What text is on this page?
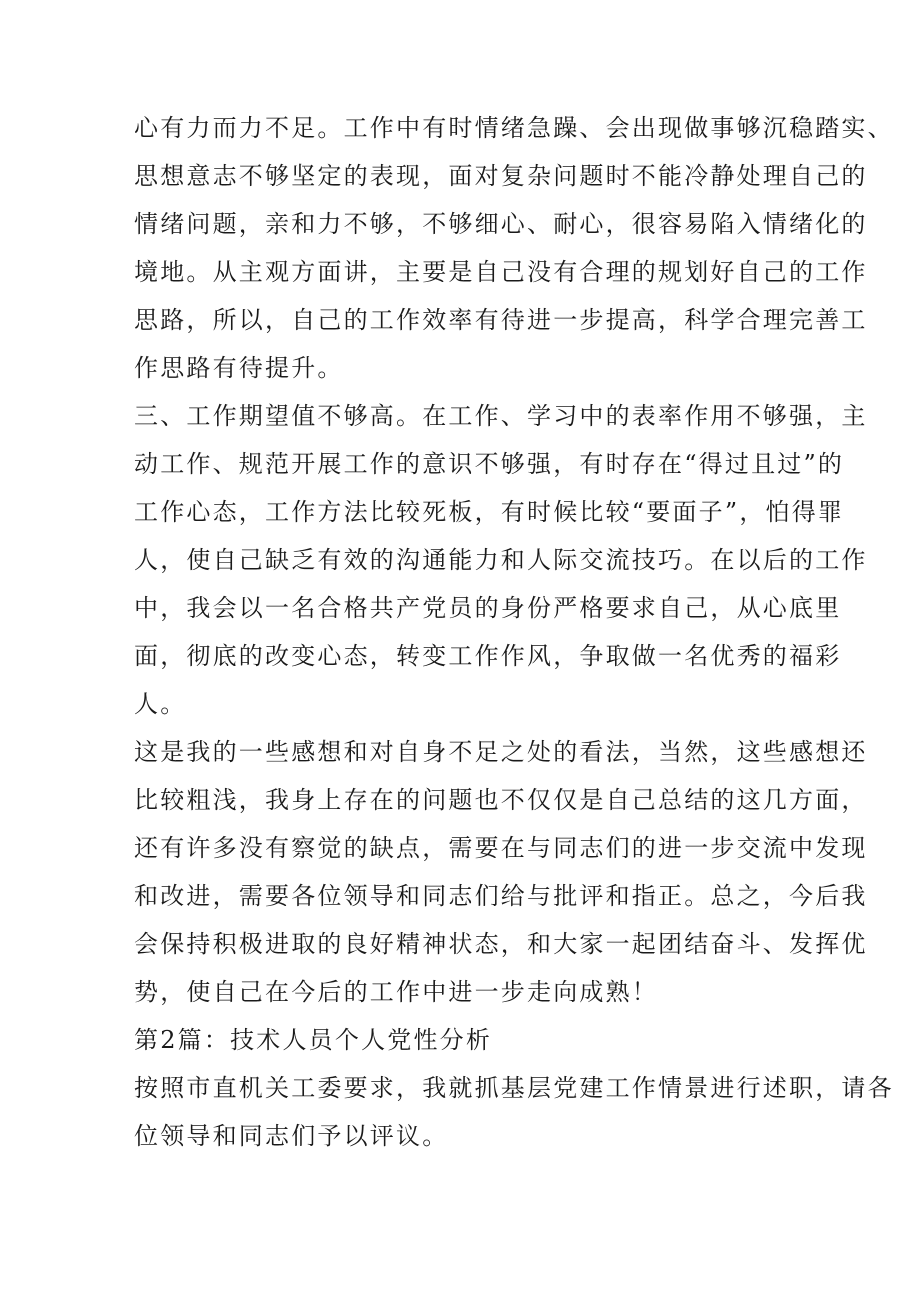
心有力而力不足。工作中有时情绪急躁、会出现做事够沉稳踏实、
思想意志不够坚定的表现，面对复杂问题时不能冷静处理自己的
情绪问题，亲和力不够，不够细心、耐心，很容易陷入情绪化的
境地。从主观方面讲，主要是自己没有合理的规划好自己的工作
思路，所以，自己的工作效率有待进一步提高，科学合理完善工
作思路有待提升。
三、工作期望值不够高。在工作、学习中的表率作用不够强，主
动工作、规范开展工作的意识不够强，有时存在“得过且过”的
工作心态，工作方法比较死板，有时候比较“要面子”，怕得罪
人，使自己缺乏有效的沟通能力和人际交流技巧。在以后的工作
中，我会以一名合格共产党员的身份严格要求自己，从心底里
面，彻底的改变心态，转变工作作风，争取做一名优秀的福彩
人。
这是我的一些感想和对自身不足之处的看法，当然，这些感想还
比较粗浅，我身上存在的问题也不仅仅是自己总结的这几方面，
还有许多没有察觉的缺点，需要在与同志们的进一步交流中发现
和改进，需要各位领导和同志们给与批评和指正。总之，今后我
会保持积极进取的良好精神状态，和大家一起团结奋斗、发挥优
势，使自己在今后的工作中进一步走向成熟！
第2篇：技术人员个人党性分析
按照市直机关工委要求，我就抓基层党建工作情景进行述职，请各
位领导和同志们予以评议。
